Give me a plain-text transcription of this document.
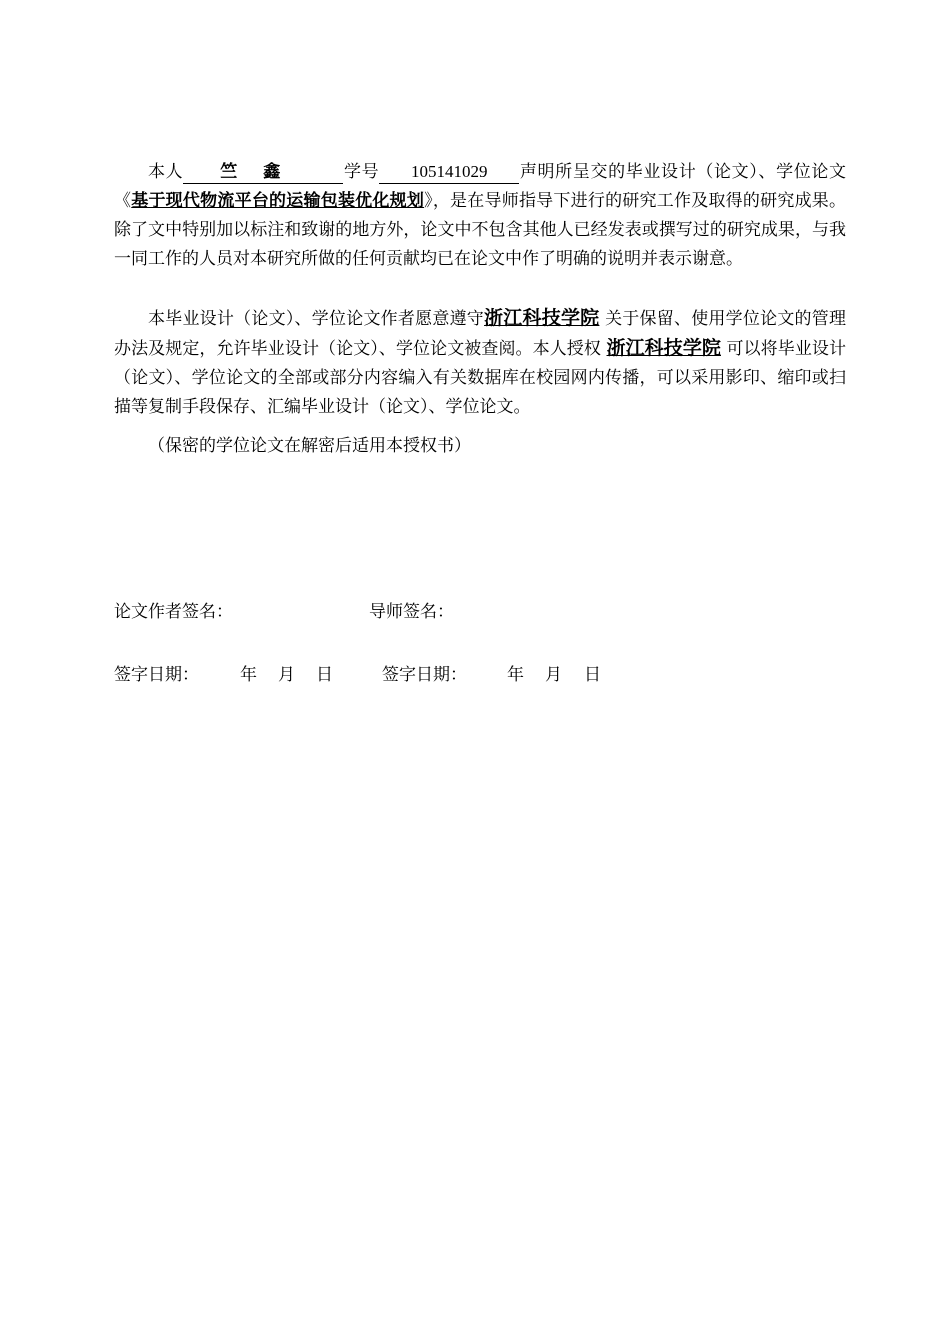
本人 竺鑫 学号 105141029 声明所呈交的毕业设计（论文）、学位论文《基于现代物流平台的运输包装优化规划》，是在导师指导下进行的研究工作及取得的研究成果。除了文中特别加以标注和致谢的地方外，论文中不包含其他人已经发表或撰写过的研究成果，与我一同工作的人员对本研究所做的任何贡献均已在论文中作了明确的说明并表示谢意。

本毕业设计（论文）、学位论文作者愿意遵守浙江科技学院 关于保留、使用学位论文的管理办法及规定，允许毕业设计（论文）、学位论文被查阅。本人授权 浙江科技学院 可以将毕业设计（论文）、学位论文的全部或部分内容编入有关数据库在校园网内传播，可以采用影印、缩印或扫描等复制手段保存、汇编毕业设计（论文）、学位论文。

（保密的学位论文在解密后适用本授权书）
论文作者签名：	导师签名：
签字日期： 年 月 日	签字日期： 年 月 日
